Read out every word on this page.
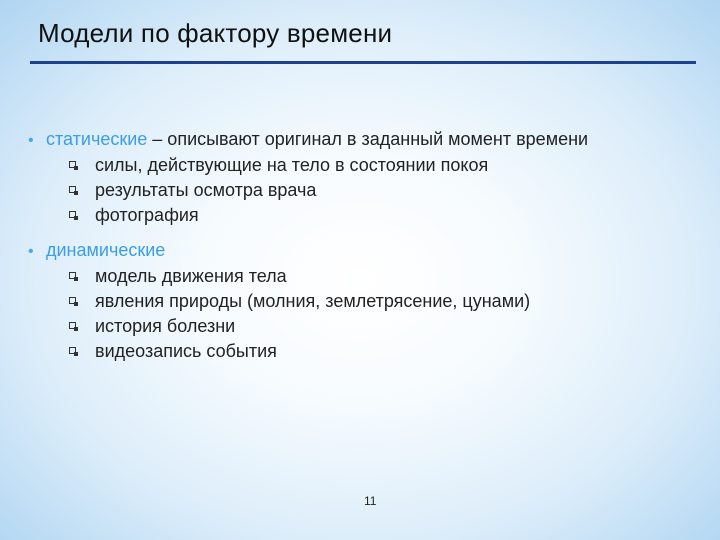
Модели по фактору времени
• статические – описывают оригинал в заданный момент времени
силы, действующие на тело в состоянии покоя
результаты осмотра врача
фотография
• динамические
модель движения тела
явления природы (молния, землетрясение, цунами)
история болезни
видеозапись события
11
